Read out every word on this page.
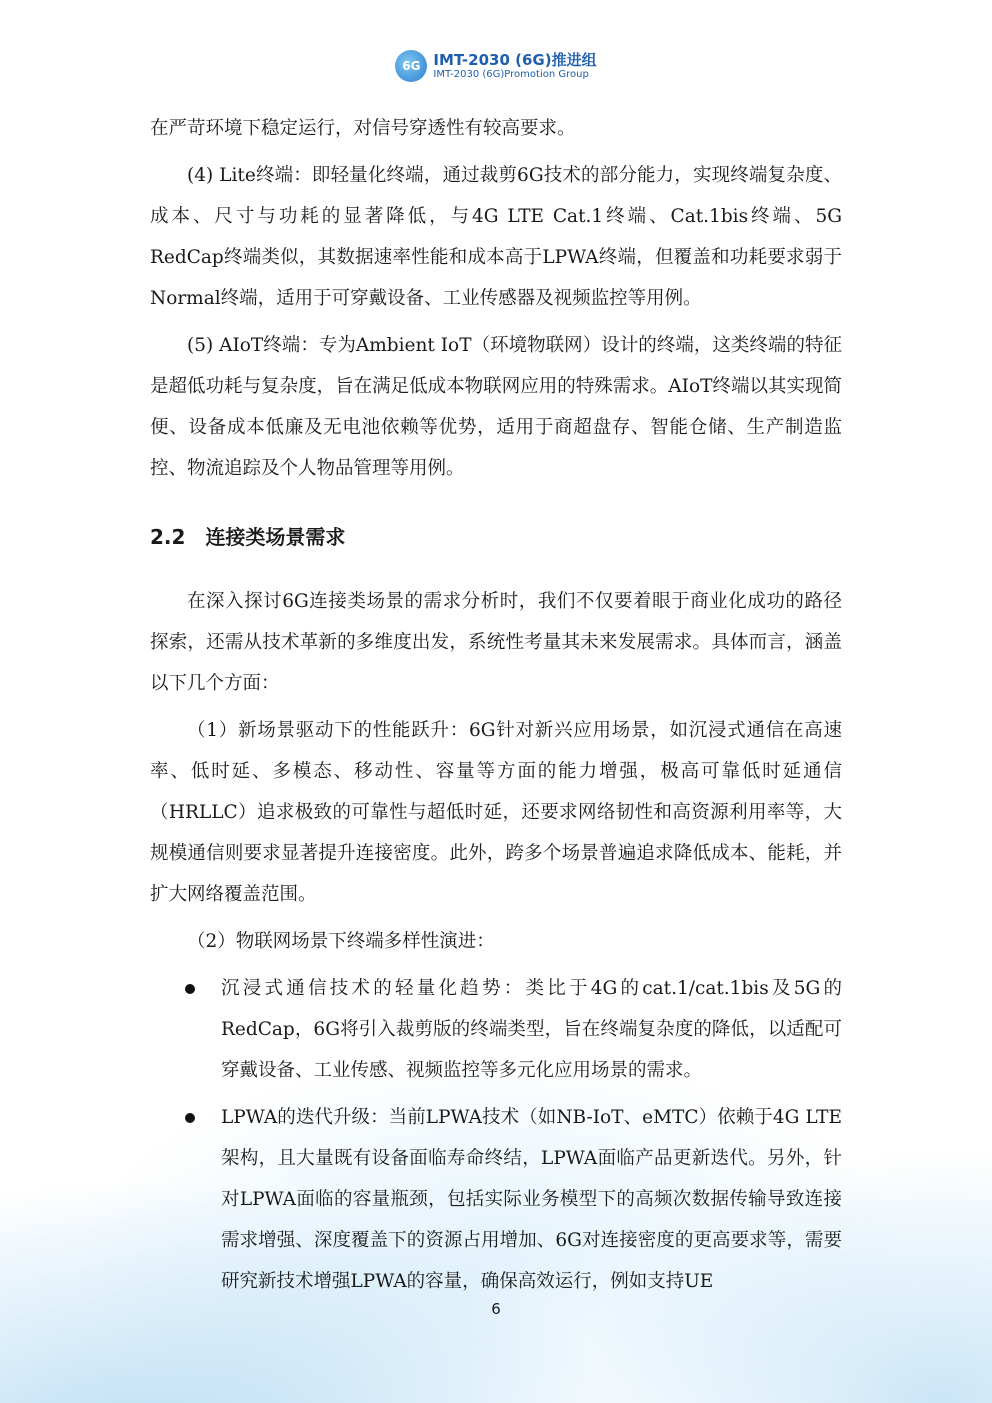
6G IMT-2030 (6G)推进组
IMT-2030 (6G)Promotion Group

在严苛环境下稳定运行，对信号穿透性有较高要求。

(4) Lite终端：即轻量化终端，通过裁剪6G技术的部分能力，实现终端复杂度、成本、尺寸与功耗的显著降低，与4G LTE Cat.1终端、Cat.1bis终端、5G RedCap终端类似，其数据速率性能和成本高于LPWA终端，但覆盖和功耗要求弱于Normal终端，适用于可穿戴设备、工业传感器及视频监控等用例。

(5) AIoT终端：专为Ambient IoT（环境物联网）设计的终端，这类终端的特征是超低功耗与复杂度，旨在满足低成本物联网应用的特殊需求。AIoT终端以其实现简便、设备成本低廉及无电池依赖等优势，适用于商超盘存、智能仓储、生产制造监控、物流追踪及个人物品管理等用例。

2.2 连接类场景需求

在深入探讨6G连接类场景的需求分析时，我们不仅要着眼于商业化成功的路径探索，还需从技术革新的多维度出发，系统性考量其未来发展需求。具体而言，涵盖以下几个方面：

（1）新场景驱动下的性能跃升：6G针对新兴应用场景，如沉浸式通信在高速率、低时延、多模态、移动性、容量等方面的能力增强，极高可靠低时延通信（HRLLC）追求极致的可靠性与超低时延，还要求网络韧性和高资源利用率等，大规模通信则要求显著提升连接密度。此外，跨多个场景普遍追求降低成本、能耗，并扩大网络覆盖范围。

（2）物联网场景下终端多样性演进：

沉浸式通信技术的轻量化趋势：类比于4G的cat.1/cat.1bis及5G的RedCap，6G将引入裁剪版的终端类型，旨在终端复杂度的降低，以适配可穿戴设备、工业传感、视频监控等多元化应用场景的需求。

LPWA的迭代升级：当前LPWA技术（如NB-IoT、eMTC）依赖于4G LTE架构，且大量既有设备面临寿命终结，LPWA面临产品更新迭代。另外，针对LPWA面临的容量瓶颈，包括实际业务模型下的高频次数据传输导致连接需求增强、深度覆盖下的资源占用增加、6G对连接密度的更高要求等，需要研究新技术增强LPWA的容量，确保高效运行，例如支持UE

6
